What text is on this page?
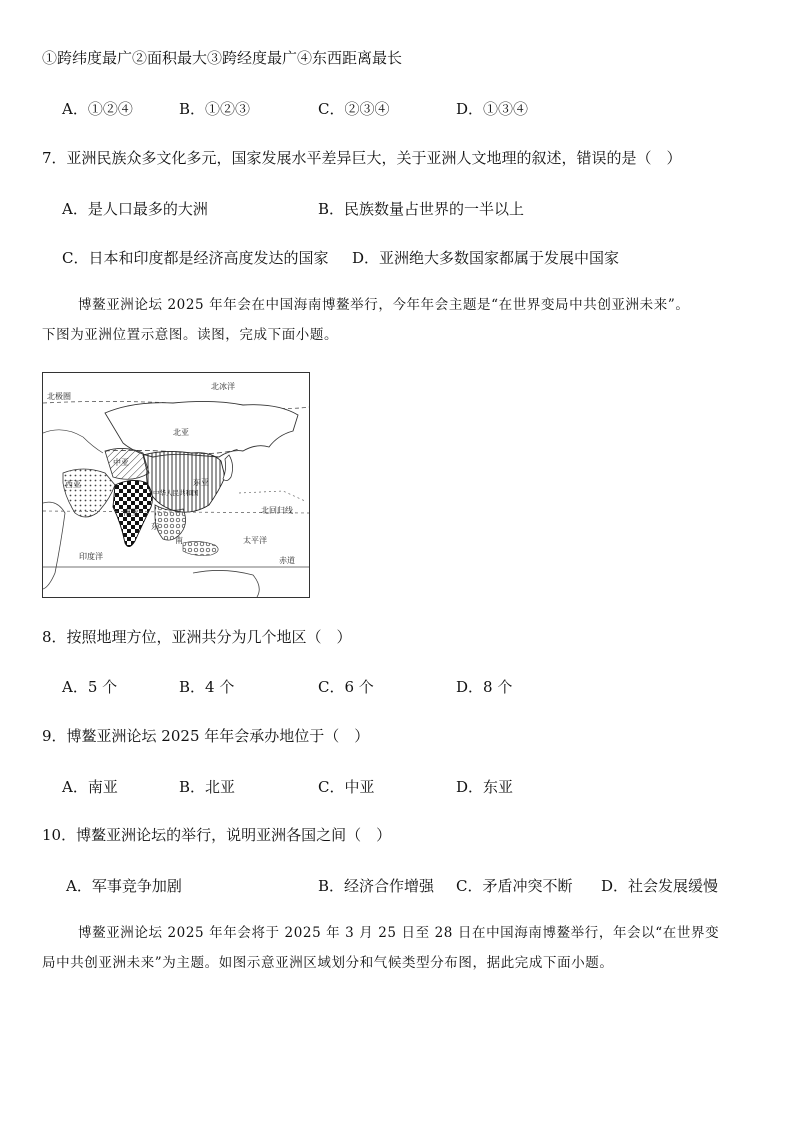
①跨纬度最广②面积最大③跨经度最广④东西距离最长
A．①②④	B．①②③	C．②③④	D．①③④
7．亚洲民族众多文化多元，国家发展水平差异巨大，关于亚洲人文地理的叙述，错误的是（　）
A．是人口最多的大洲	B．民族数量占世界的一半以上
C．日本和印度都是经济高度发达的国家 D．亚洲绝大多数国家都属于发展中国家
博鳌亚洲论坛 2025 年年会在中国海南博鳌举行，今年年会主题是“在世界变局中共创亚洲未来”。
下图为亚洲位置示意图。读图，完成下面小题。
北冰洋
北极圈
北亚
中亚
西亚	东亚
中华人民共和国
南亚
东
南
北回归线
太平洋
印度洋	赤道
8．按照地理方位，亚洲共分为几个地区（　）
A．5 个	B．4 个	C．6 个	D．8 个
9．博鳌亚洲论坛 2025 年年会承办地位于（　）
A．南亚	B．北亚	C．中亚	D．东亚
10．博鳌亚洲论坛的举行，说明亚洲各国之间（　）
A．军事竞争加剧	B．经济合作增强 C．矛盾冲突不断 D．社会发展缓慢
博鳌亚洲论坛 2025 年年会将于 2025 年 3 月 25 日至 28 日在中国海南博鳌举行，年会以“在世界变
局中共创亚洲未来”为主题。如图示意亚洲区域划分和气候类型分布图，据此完成下面小题。
